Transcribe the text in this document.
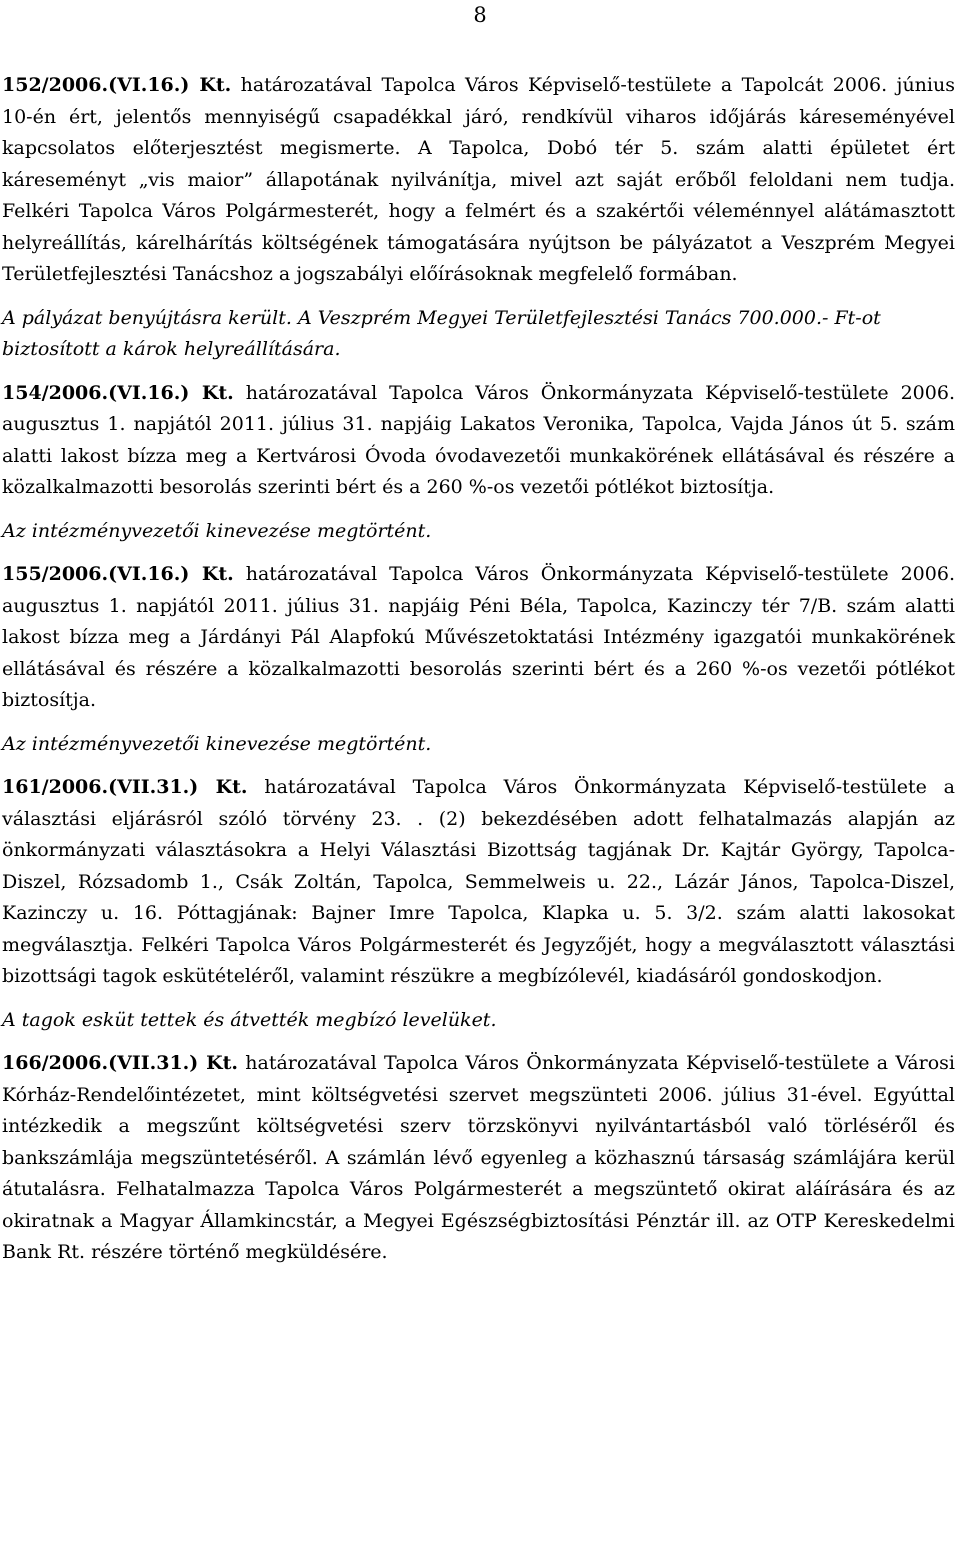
8

152/2006.(VI.16.) Kt. határozatával Tapolca Város Képviselő-testülete a Tapolcát 2006. június 10-én ért, jelentős mennyiségű csapadékkal járó, rendkívül viharos időjárás káreseményével kapcsolatos előterjesztést megismerte. A Tapolca, Dobó tér 5. szám alatti épületet ért káreseményt „vis maior” állapotának nyilvánítja, mivel azt saját erőből feloldani nem tudja. Felkéri Tapolca Város Polgármesterét, hogy a felmért és a szakértői véleménnyel alátámasztott helyreállítás, kárelhárítás költségének támogatására nyújtson be pályázatot a Veszprém Megyei Területfejlesztési Tanácshoz a jogszabályi előírásoknak megfelelő formában.

A pályázat benyújtásra került. A Veszprém Megyei Területfejlesztési Tanács 700.000.- Ft-ot biztosított a károk helyreállítására.

154/2006.(VI.16.) Kt. határozatával Tapolca Város Önkormányzata Képviselő-testülete 2006. augusztus 1. napjától 2011. július 31. napjáig Lakatos Veronika, Tapolca, Vajda János út 5. szám alatti lakost bízza meg a Kertvárosi Óvoda óvodavezetői munkakörének ellátásával és részére a közalkalmazotti besorolás szerinti bért és a 260 %-os vezetői pótlékot biztosítja.

Az intézményvezetői kinevezése megtörtént.

155/2006.(VI.16.) Kt. határozatával Tapolca Város Önkormányzata Képviselő-testülete 2006. augusztus 1. napjától 2011. július 31. napjáig Péni Béla, Tapolca, Kazinczy tér 7/B. szám alatti lakost bízza meg a Járdányi Pál Alapfokú Művészetoktatási Intézmény igazgatói munkakörének ellátásával és részére a közalkalmazotti besorolás szerinti bért és a 260 %-os vezetői pótlékot biztosítja.

Az intézményvezetői kinevezése megtörtént.

161/2006.(VII.31.) Kt. határozatával Tapolca Város Önkormányzata Képviselő-testülete a választási eljárásról szóló törvény 23. . (2) bekezdésében adott felhatalmazás alapján az önkormányzati választásokra a Helyi Választási Bizottság tagjának Dr. Kajtár György, Tapolca-Diszel, Rózsadomb 1., Csák Zoltán, Tapolca, Semmelweis u. 22., Lázár János, Tapolca-Diszel, Kazinczy u. 16. Póttagjának: Bajner Imre Tapolca, Klapka u. 5. 3/2. szám alatti lakosokat megválasztja. Felkéri Tapolca Város Polgármesterét és Jegyzőjét, hogy a megválasztott választási bizottsági tagok eskütételéről, valamint részükre a megbízólevél, kiadásáról gondoskodjon.

A tagok esküt tettek és átvették megbízó levelüket.

166/2006.(VII.31.) Kt. határozatával Tapolca Város Önkormányzata Képviselő-testülete a Városi Kórház-Rendelőintézetet, mint költségvetési szervet megszünteti 2006. július 31-ével. Egyúttal intézkedik a megszűnt költségvetési szerv törzskönyvi nyilvántartásból való törléséről és bankszámlája megszüntetéséről. A számlán lévő egyenleg a közhasznú társaság számlájára kerül átutalásra. Felhatalmazza Tapolca Város Polgármesterét a megszüntető okirat aláírására és az okiratnak a Magyar Államkincstár, a Megyei Egészségbiztosítási Pénztár ill. az OTP Kereskedelmi Bank Rt. részére történő megküldésére.
